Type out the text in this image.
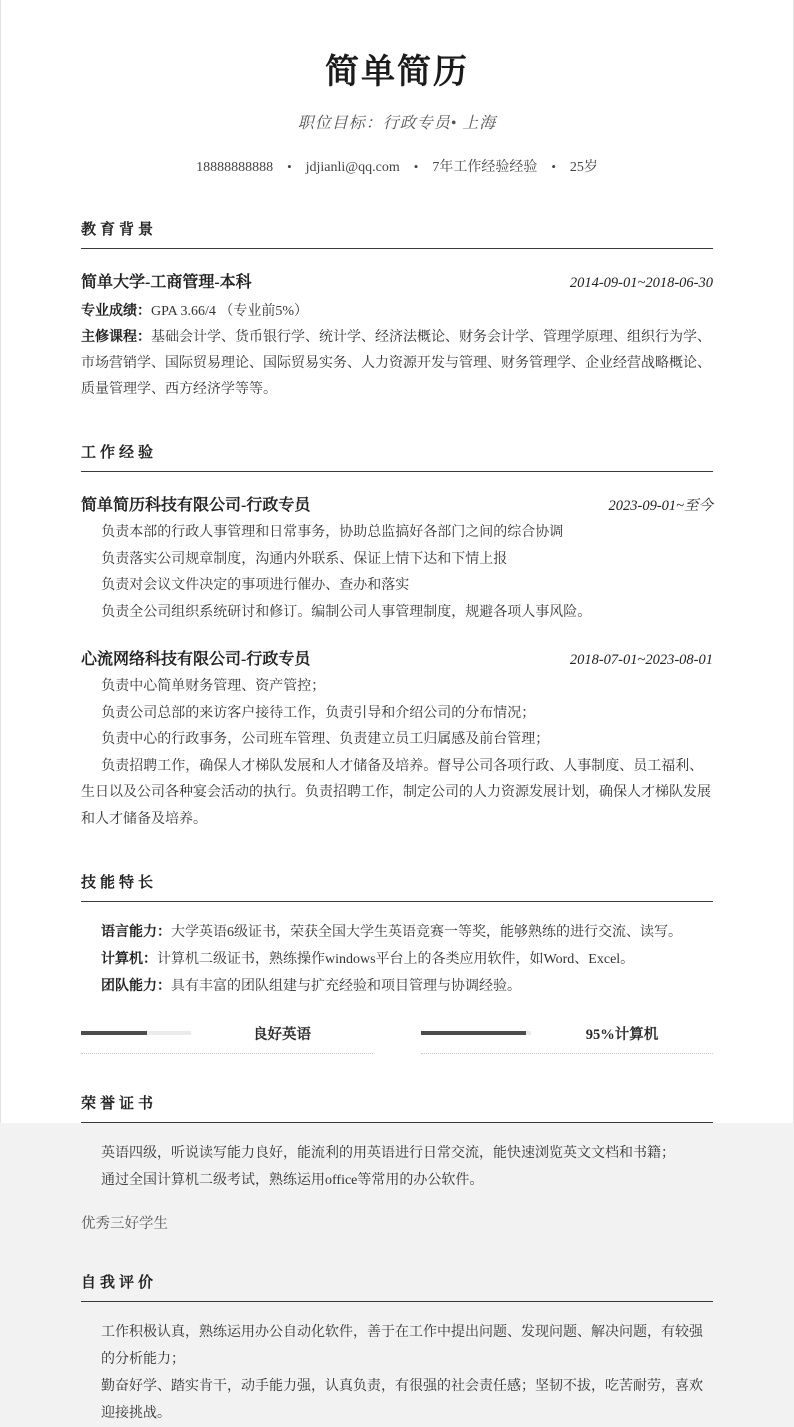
简单简历
职位目标：行政专员• 上海
18888888888 • jdjianli@qq.com • 7年工作经验经验 • 25岁
教育背景
简单大学-工商管理-本科	2014-09-01~2018-06-30
专业成绩：GPA 3.66/4 （专业前5%）
主修课程：基础会计学、货币银行学、统计学、经济法概论、财务会计学、管理学原理、组织行为学、市场营销学、国际贸易理论、国际贸易实务、人力资源开发与管理、财务管理学、企业经营战略概论、质量管理学、西方经济学等等。
工作经验
简单简历科技有限公司-行政专员	2023-09-01~至今
负责本部的行政人事管理和日常事务，协助总监搞好各部门之间的综合协调
负责落实公司规章制度，沟通内外联系、保证上情下达和下情上报
负责对会议文件决定的事项进行催办、查办和落实
负责全公司组织系统研讨和修订。编制公司人事管理制度，规避各项人事风险。
心流网络科技有限公司-行政专员	2018-07-01~2023-08-01
负责中心简单财务管理、资产管控；
负责公司总部的来访客户接待工作，负责引导和介绍公司的分布情况；
负责中心的行政事务，公司班车管理、负责建立员工归属感及前台管理；
负责招聘工作，确保人才梯队发展和人才储备及培养。督导公司各项行政、人事制度、员工福利、生日以及公司各种宴会活动的执行。负责招聘工作，制定公司的人力资源发展计划，确保人才梯队发展和人才储备及培养。
技能特长
语言能力：大学英语6级证书，荣获全国大学生英语竞赛一等奖，能够熟练的进行交流、读写。
计算机：计算机二级证书，熟练操作windows平台上的各类应用软件，如Word、Excel。
团队能力：具有丰富的团队组建与扩充经验和项目管理与协调经验。
良好英语	95%计算机
荣誉证书
英语四级，听说读写能力良好，能流利的用英语进行日常交流，能快速浏览英文文档和书籍；
通过全国计算机二级考试，熟练运用office等常用的办公软件。
优秀三好学生
自我评价
工作积极认真，熟练运用办公自动化软件，善于在工作中提出问题、发现问题、解决问题，有较强的分析能力；
勤奋好学、踏实肯干，动手能力强，认真负责，有很强的社会责任感；坚韧不拔，吃苦耐劳，喜欢迎接挑战。
